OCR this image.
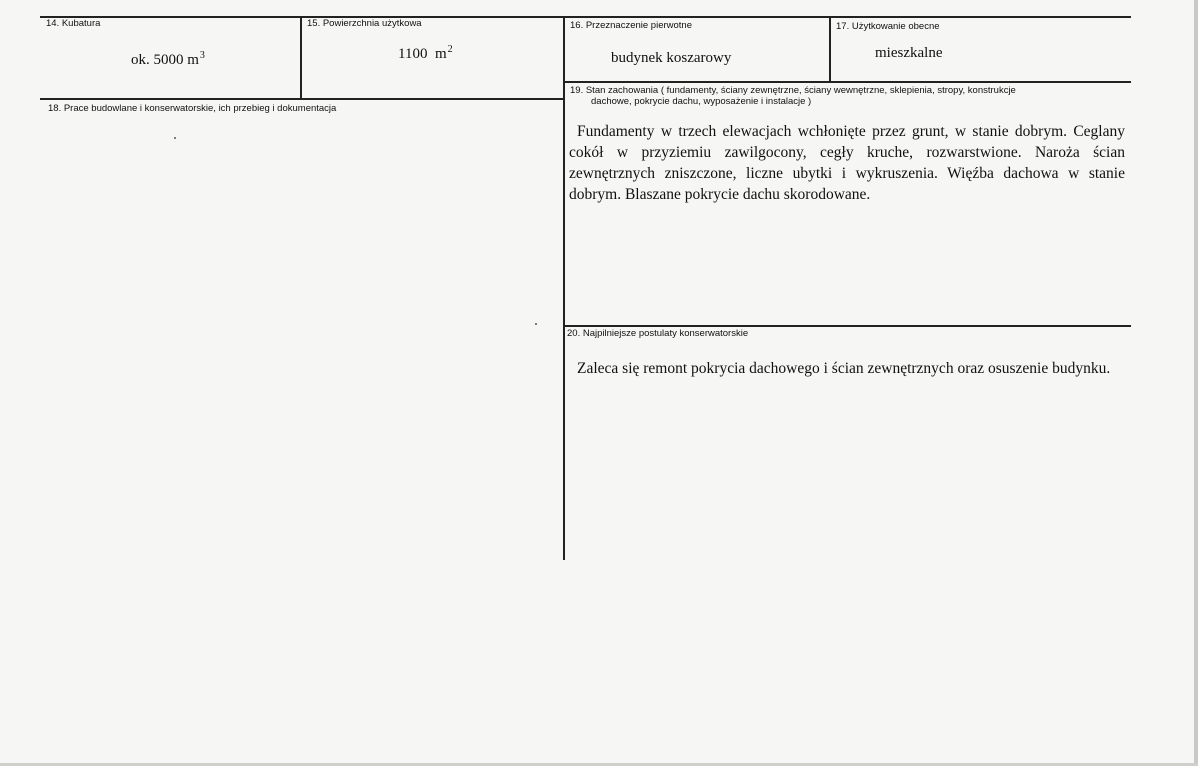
14. Kubatura
ok. 5000 $m^3$
15. Powierzchnia użytkowa
1100  $m^2$
16. Przeznaczenie pierwotne
budynek koszarowy
17. Użytkowanie obecne
mieszkalne
18. Prace budowlane i konserwatorskie, ich przebieg i dokumentacja
19. Stan zachowania ( fundamenty, ściany zewnętrzne, ściany wewnętrzne, sklepienia, stropy, konstrukcje
dachowe, pokrycie dachu, wyposażenie i instalacje )
Fundamenty w trzech elewacjach wchłonięte przez grunt, w stanie dobrym. Ceglany cokół w przyziemiu zawilgocony, cegły kruche, rozwarstwione. Naroża ścian zewnętrznych zniszczone, liczne ubytki i wykruszenia. Więźba dachowa w stanie dobrym. Blaszane pokrycie dachu skorodowane.
20. Najpilniejsze postulaty konserwatorskie
Zaleca się remont pokrycia dachowego i ścian zewnętrznych oraz osuszenie budynku.
